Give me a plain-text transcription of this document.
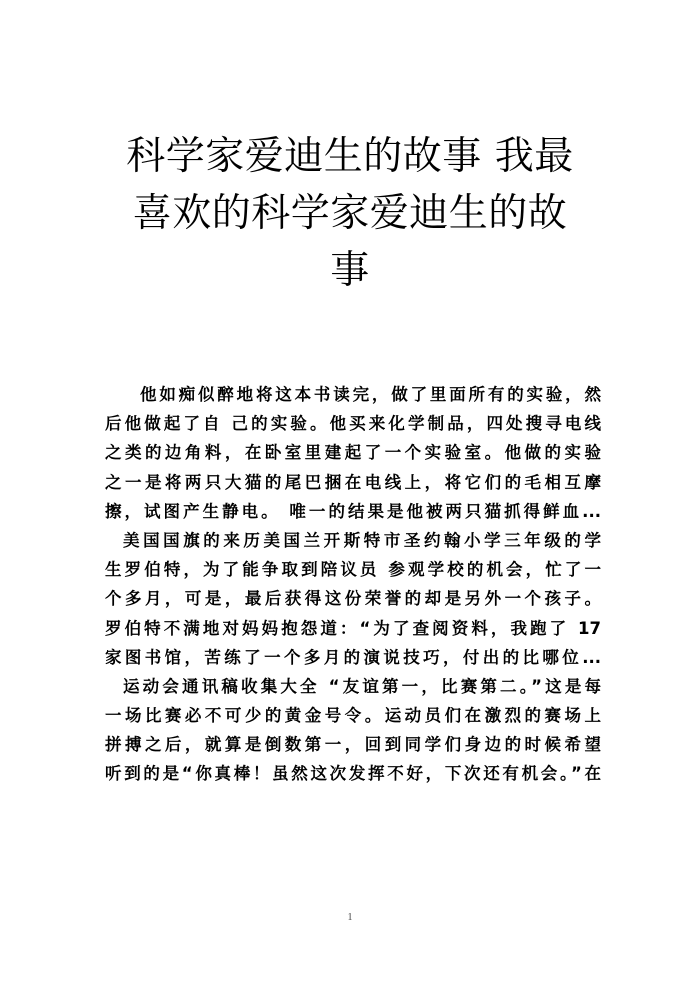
科学家爱迪生的故事 我最
喜欢的科学家爱迪生的故
事
他如痴似醉地将这本书读完，做了里面所有的实验，然
后他做起了自 己的实验。他买来化学制品，四处搜寻电线
之类的边角料，在卧室里建起了一个实验室。他做的实验
之一是将两只大猫的尾巴捆在电线上，将它们的毛相互摩
擦，试图产生静电。 唯一的结果是他被两只猫抓得鲜血...
美国国旗的来历美国兰开斯特市圣约翰小学三年级的学
生罗伯特，为了能争取到陪议员 参观学校的机会，忙了一
个多月，可是，最后获得这份荣誉的却是另外一个孩子。
罗伯特不满地对妈妈抱怨道：“为了查阅资料，我跑了 17
家图书馆，苦练了一个多月的演说技巧，付出的比哪位...
运动会通讯稿收集大全 “友谊第一，比赛第二。”这是每
一场比赛必不可少的黄金号令。运动员们在激烈的赛场上
拼搏之后，就算是倒数第一，回到同学们身边的时候希望
听到的是“你真棒！虽然这次发挥不好，下次还有机会。”在
1
